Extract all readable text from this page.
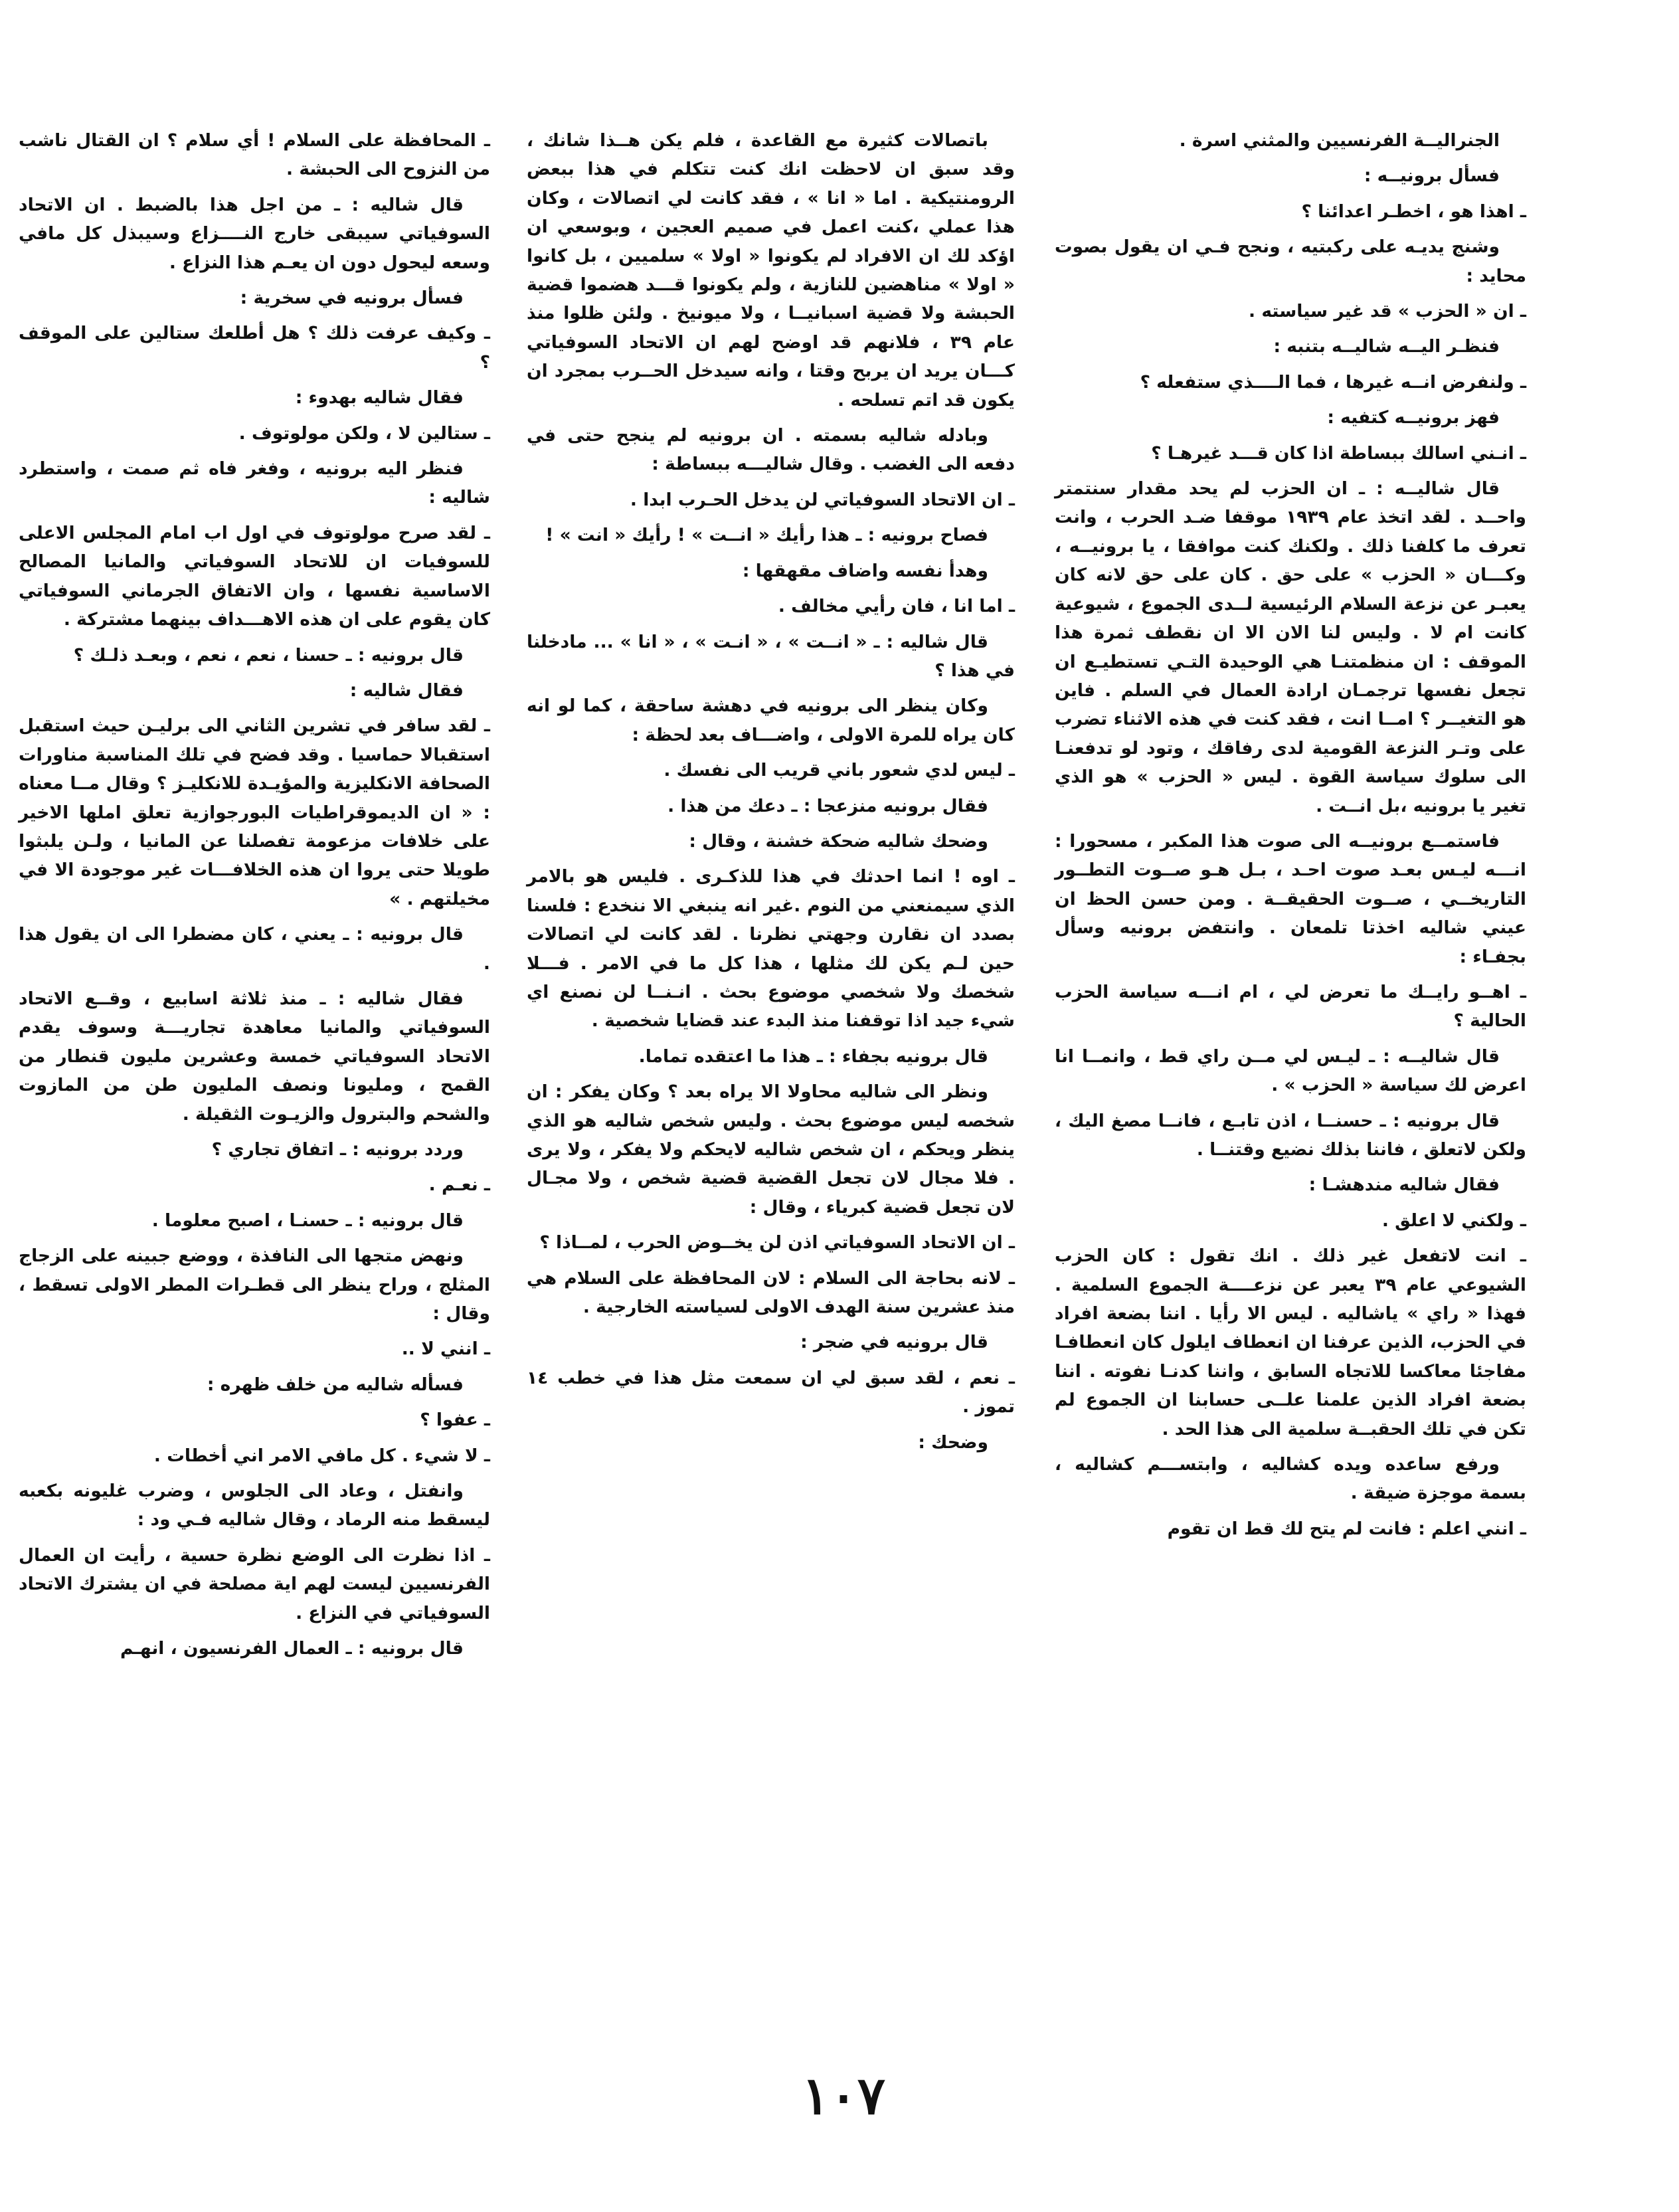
الجنراليــة الفرنسيين والمثني اسرة .

فسأل برونيــه :

ـ اهذا هو ، اخطـر اعدائنا ؟

وشنج يديـه على ركبتيه ، ونجح فـي ان يقول بصوت محايد :

ـ ان « الحزب » قد غير سياسته .

فنظـر اليــه شاليــه بتنبه :

ـ ولنفرض انــه غيرها ، فما الــــذي ستفعله ؟

فهز برونيــه كتفيه :

ـ انـني اسالك ببساطة اذا كان قـــد غيرهـا ؟

قال شاليــه : ـ ان الحزب لم يحد مقدار سنتمتر واحــد . لقد اتخذ عام ١٩٣٩ موقفا ضـد الحرب ، وانت تعرف ما كلفنا ذلك . ولكنك كنت موافقا ، يا برونيــه ، وكـــان « الحزب » على حق . كان على حق لانه كان يعبـر عن نزعة السلام الرئيسية لــدى الجموع ، شيوعية كانت ام لا . وليس لنا الان الا ان نقطف ثمرة هذا الموقف : ان منظمتنـا هي الوحيدة التـي تستطيـع ان تجعل نفسها ترجمـان ارادة العمال في السلم . فاين هو التغيــر ؟ امــا انت ، فقد كنت في هذه الاثناء تضرب على وتـر النزعة القومية لدى رفاقك ، وتود لو تدفعنـا الى سلوك سياسة القوة . ليس « الحزب » هو الذي تغير يا برونيه ،بل انــت .

فاستمــع برونيــه الى صوت هذا المكبر ، مسحورا : انـــه ليـس بعـد صوت احـد ، بـل هـو صــوت التطــور التاريخــي ، صــوت الحقيقــة . ومن حسن الحظ ان عيني شاليه اخذتا تلمعان . وانتفض برونيه وسأل بجفـاء :

ـ اهــو رايــك ما تعرض لي ، ام انـــه سياسة الحزب الحالية ؟

قال شاليــه : ـ ليـس لي مــن راي قط ، وانمــا انا اعرض لك سياسة « الحزب » .

قال برونيه : ـ حسنــا ، اذن تابـع ، فانــا مصغ اليك ، ولكن لاتعلق ، فاننا بذلك نضيع وقتنــا .

فقال شاليه مندهشـا :

ـ ولكني لا اعلق .

ـ انت لاتفعل غير ذلك . انك تقول : كان الحزب الشيوعي عام ٣٩ يعبر عن نزعــــة الجموع السلمية . فهذا « راي » ياشاليه . ليس الا رأيا . اننا بضعة افراد في الحزب، الذين عرفنا ان انعطاف ايلول كان انعطافـا مفاجئا معاكسا للاتجاه السابق ، واننا كدنـا نفوته . اننا بضعة افراد الذين علمنا علــى حسابنا ان الجموع لم تكن في تلك الحقبــة سلمية الى هذا الحد .

ورفع ساعده ويده كشاليه ، وابتســـم كشاليه ، بسمة موجزة ضيقة .

ـ انني اعلم : فانت لم يتح لك قط ان تقوم

باتصالات كثيرة مع القاعدة ، فلم يكن هــذا شانك ، وقد سبق ان لاحظت انك كنت تتكلم في هذا ببعض الرومنتيكية . اما « انا » ، فقد كانت لي اتصالات ، وكان هذا عملي ،كنت اعمل في صميم العجين ، وبوسعي ان اؤكد لك ان الافراد لم يكونوا « اولا » سلميين ، بل كانوا « اولا » مناهضين للنازية ، ولم يكونوا قـــد هضموا قضية الحبشة ولا قضية اسبانيــا ، ولا ميونيخ . ولئن ظلوا منذ عام ٣٩ ، فلانهم قد اوضح لهم ان الاتحاد السوفياتي كـــان يريد ان يربح وقتا ، وانه سيدخل الحــرب بمجرد ان يكون قد اتم تسلحه .

وبادله شاليه بسمته . ان برونيه لم ينجح حتى في دفعه الى الغضب . وقال شاليـــه ببساطة :

ـ ان الاتحاد السوفياتي لن يدخل الحـرب ابدا .

فصاح برونيه : ـ هذا رأيك « انــت » ! رأيك « انت » !

وهدأ نفسه واضاف مقهقها :

ـ اما انا ، فان رأيي مخالف .

قال شاليه : ـ « انــت » ، « انـت » ، « انا » ... مادخلنا في هذا ؟

وكان ينظر الى برونيه في دهشة ساحقة ، كما لو انه كان يراه للمرة الاولى ، واضـــاف بعد لحظة :

ـ ليس لدي شعور باني قريب الى نفسك .

فقال برونيه منزعجا : ـ دعك من هذا .

وضحك شاليه ضحكة خشنة ، وقال :

ـ اوه ! انما احدثك في هذا للذكـرى . فليس هو بالامر الذي سيمنعني من النوم .غير انه ينبغي الا ننخدع : فلسنا بصدد ان نقارن وجهتي نظرنا . لقد كانت لي اتصالات حين لـم يكن لك مثلها ، هذا كل ما في الامر . فـــلا شخصك ولا شخصي موضوع بحث . انـنــا لن نصنع اي شيء جيد اذا توقفنا منذ البدء عند قضايا شخصية .

قال برونيه بجفاء : ـ هذا ما اعتقده تماما.

ونظر الى شاليه محاولا الا يراه بعد ؟ وكان يفكر : ان شخصه ليس موضوع بحث . وليس شخص شاليه هو الذي ينظر ويحكم ، ان شخص شاليه لايحكم ولا يفكر ، ولا يرى . فلا مجال لان تجعل القضية قضية شخص ، ولا مجـال لان تجعل قضية كبرياء ، وقال :

ـ ان الاتحاد السوفياتي اذن لن يخــوض الحرب ، لمــاذا ؟

ـ لانه بحاجة الى السلام : لان المحافظة على السلام هي منذ عشرين سنة الهدف الاولى لسياسته الخارجية .

قال برونيه في ضجر :

ـ نعم ، لقد سبق لي ان سمعت مثل هذا في خطب ١٤ تموز .

وضحك :

ـ المحافظة على السلام ! أي سلام ؟ ان القتال ناشب من النزوح الى الحبشة .

قال شاليه : ـ من اجل هذا بالضبط . ان الاتحاد السوفياتي سيبقى خارج النــــزاع وسيبذل كل مافي وسعه ليحول دون ان يعـم هذا النزاع .

فسأل برونيه في سخرية :

ـ وكيف عرفت ذلك ؟ هل أطلعك ستالين على الموقف ؟

فقال شاليه بهدوء :

ـ ستالين لا ، ولكن مولوتوف .

فنظر اليه برونيه ، وفغر فاه ثم صمت ، واستطرد شاليه :

ـ لقد صرح مولوتوف في اول اب امام المجلس الاعلى للسوفيات ان للاتحاد السوفياتي والمانيا المصالح الاساسية نفسها ، وان الاتفاق الجرماني السوفياتي كان يقوم على ان هذه الاهـــداف بينهما مشتركة .

قال برونيه : ـ حسنا ، نعم ، نعم ، وبعـد ذلـك ؟

فقال شاليه :

ـ لقد سافر في تشرين الثاني الى برليـن حيث استقبل استقبالا حماسيا . وقد فضح في تلك المناسبة مناورات الصحافة الانكليزية والمؤيـدة للانكليـز ؟ وقال مــا معناه : « ان الديموقراطيات البورجوازية تعلق املها الاخير على خلافات مزعومة تفصلنا عن المانيا ، ولـن يلبثوا طويلا حتى يروا ان هذه الخلافـــات غير موجودة الا في مخيلتهم . »

قال برونيه : ـ يعني ، كان مضطرا الى ان يقول هذا .

فقال شاليه : ـ منذ ثلاثة اسابيع ، وقــع الاتحاد السوفياتي والمانيا معاهدة تجاريـــة وسوف يقدم الاتحاد السوفياتي خمسة وعشرين مليون قنطار من القمح ، ومليونا ونصف المليون طن من المازوت والشحم والبترول والزيـوت الثقيلة .

وردد برونيه : ـ اتفاق تجاري ؟

ـ نعـم .

قال برونيه : ـ حسنـا ، اصبح معلوما .

ونهض متجها الى النافذة ، ووضع جبينه على الزجاج المثلج ، وراح ينظر الى قطـرات المطر الاولى تسقط ، وقال :

ـ انني لا ..

فسأله شاليه من خلف ظهره :

ـ عفوا ؟

ـ لا شيء . كل مافي الامر اني أخطات .

وانفتل ، وعاد الى الجلوس ، وضرب غليونه بكعبه ليسقط منه الرماد ، وقال شاليه فـي ود :

ـ اذا نظرت الى الوضع نظرة حسية ، رأيت ان العمال الفرنسيين ليست لهم اية مصلحة في ان يشترك الاتحاد السوفياتي في النزاع .

قال برونيه : ـ العمال الفرنسيون ، انهـم

١٠٧
